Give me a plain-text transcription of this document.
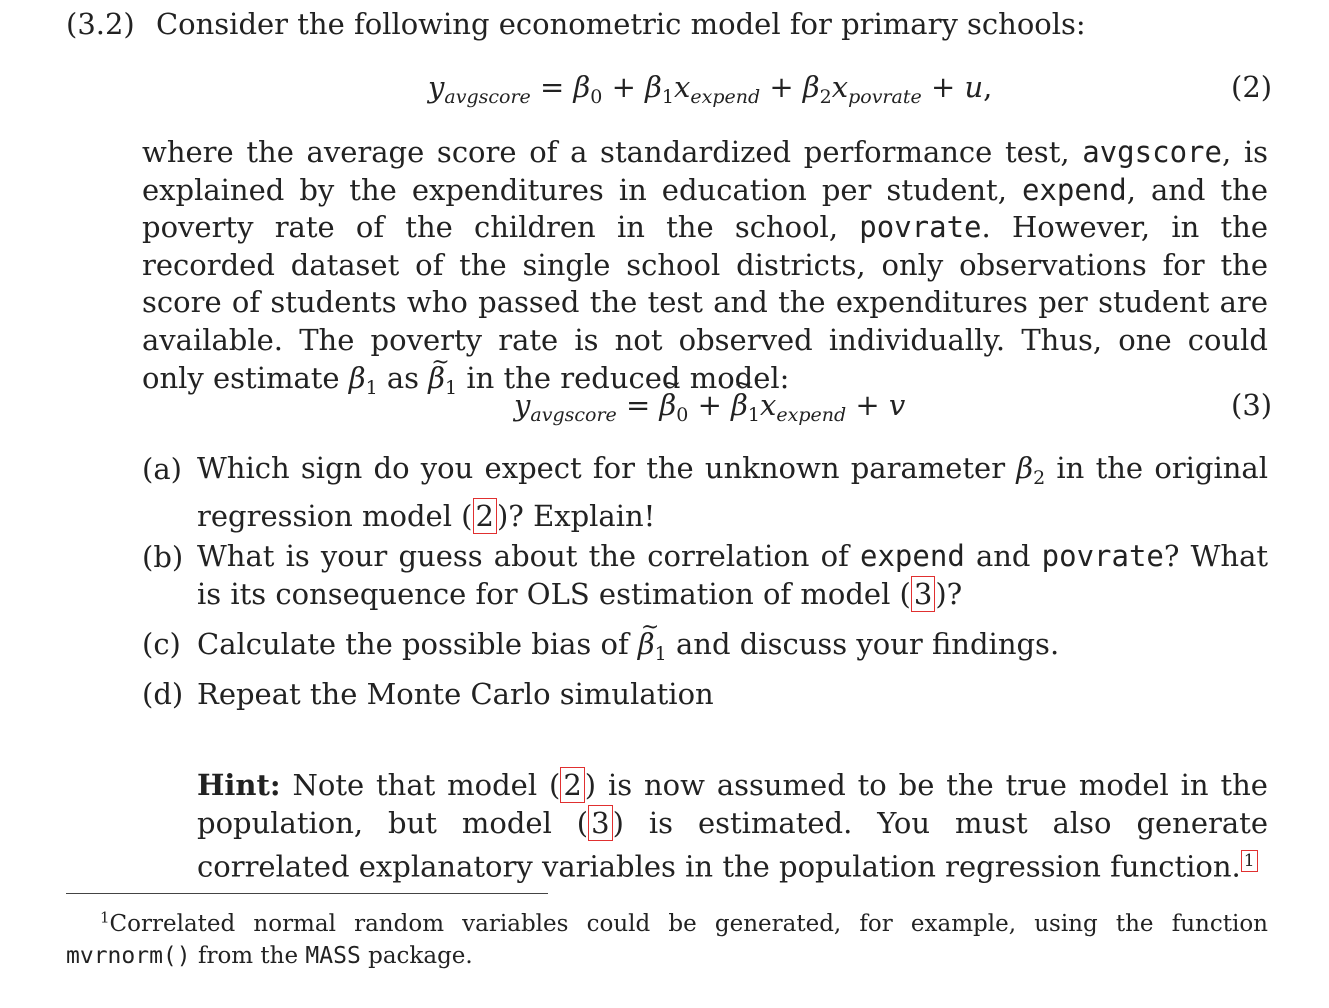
(3.2) Consider the following econometric model for primary schools:
$y_{avgscore} = \beta_0 + \beta_1x_{expend} + \beta_2x_{povrate} + u$,	(2)
where the average score of a standardized performance test, avgscore, is explained by the expenditures in education per student, expend, and the poverty rate of the children in the school, povrate. However, in the recorded dataset of the single school districts, only observations for the score of students who passed the test and the expenditures per student are available. The poverty rate is not observed individually. Thus, one could only estimate $\beta_1$ as ~ $\beta_1$ in the reduced model:
$y_{avgscore}$ = ~ $\beta_0$ + ~ $\beta_1x_{expend} + v$	(3)
(a) Which sign do you expect for the unknown parameter $\beta_2$ in the original regression model ( 2 )? Explain!
(b) What is your guess about the correlation of expend and povrate? What is its consequence for OLS estimation of model ( 3 )?
(c) Calculate the possible bias of ~ $\beta_1$ and discuss your findings.
(d) Repeat the Monte Carlo simulation
Hint: Note that model ( 2 ) is now assumed to be the true model in the population, but model ( 3 ) is estimated. You must also generate correlated explanatory variables in the population regression function. $^1$
$^1$Correlated normal random variables could be generated, for example, using the function mvrnorm() from the MASS package.
